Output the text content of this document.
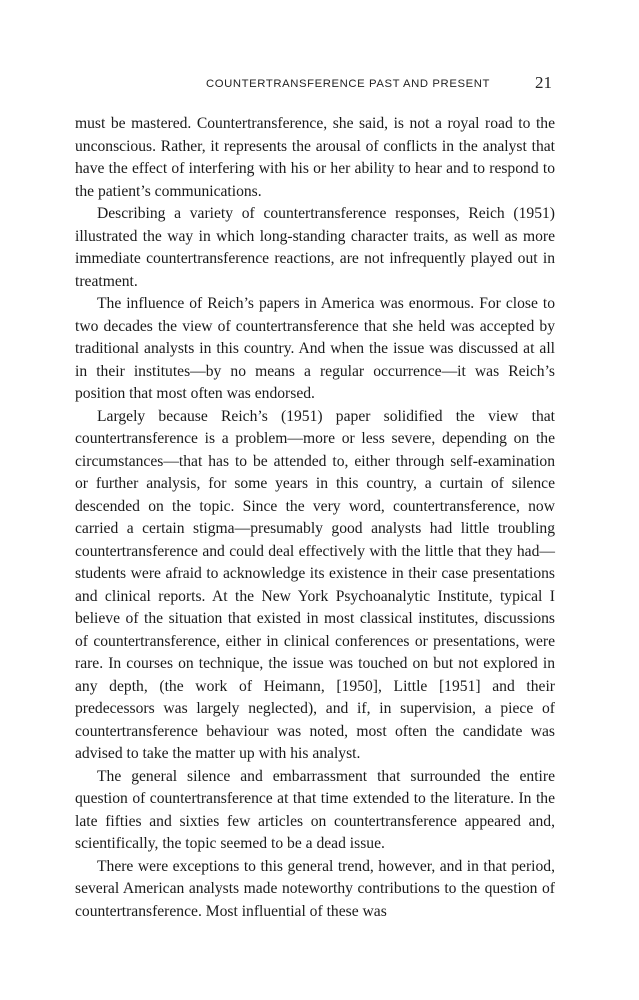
COUNTERTRANSFERENCE PAST AND PRESENT	21

must be mastered. Countertransference, she said, is not a royal road to the unconscious. Rather, it represents the arousal of conflicts in the analyst that have the effect of interfering with his or her ability to hear and to respond to the patient’s communications.

Describing a variety of countertransference responses, Reich (1951) illustrated the way in which long-standing character traits, as well as more immediate countertransference reactions, are not infrequently played out in treatment.

The influence of Reich’s papers in America was enormous. For close to two decades the view of countertransference that she held was accepted by traditional analysts in this country. And when the issue was discussed at all in their institutes—by no means a regular occurrence—it was Reich’s position that most often was endorsed.

Largely because Reich’s (1951) paper solidified the view that countertransference is a problem—more or less severe, depending on the circumstances—that has to be attended to, either through self-examination or further analysis, for some years in this country, a curtain of silence descended on the topic. Since the very word, countertransference, now carried a certain stigma—presumably good analysts had little troubling countertransference and could deal effectively with the little that they had—students were afraid to acknowledge its existence in their case presentations and clinical reports. At the New York Psychoanalytic Institute, typical I believe of the situation that existed in most classical institutes, discussions of countertransference, either in clinical conferences or presentations, were rare. In courses on technique, the issue was touched on but not explored in any depth, (the work of Heimann, [1950], Little [1951] and their predecessors was largely neglected), and if, in supervision, a piece of countertransference behaviour was noted, most often the candidate was advised to take the matter up with his analyst.

The general silence and embarrassment that surrounded the entire question of countertransference at that time extended to the literature. In the late fifties and sixties few articles on countertransference appeared and, scientifically, the topic seemed to be a dead issue.

There were exceptions to this general trend, however, and in that period, several American analysts made noteworthy contributions to the question of countertransference. Most influential of these was
